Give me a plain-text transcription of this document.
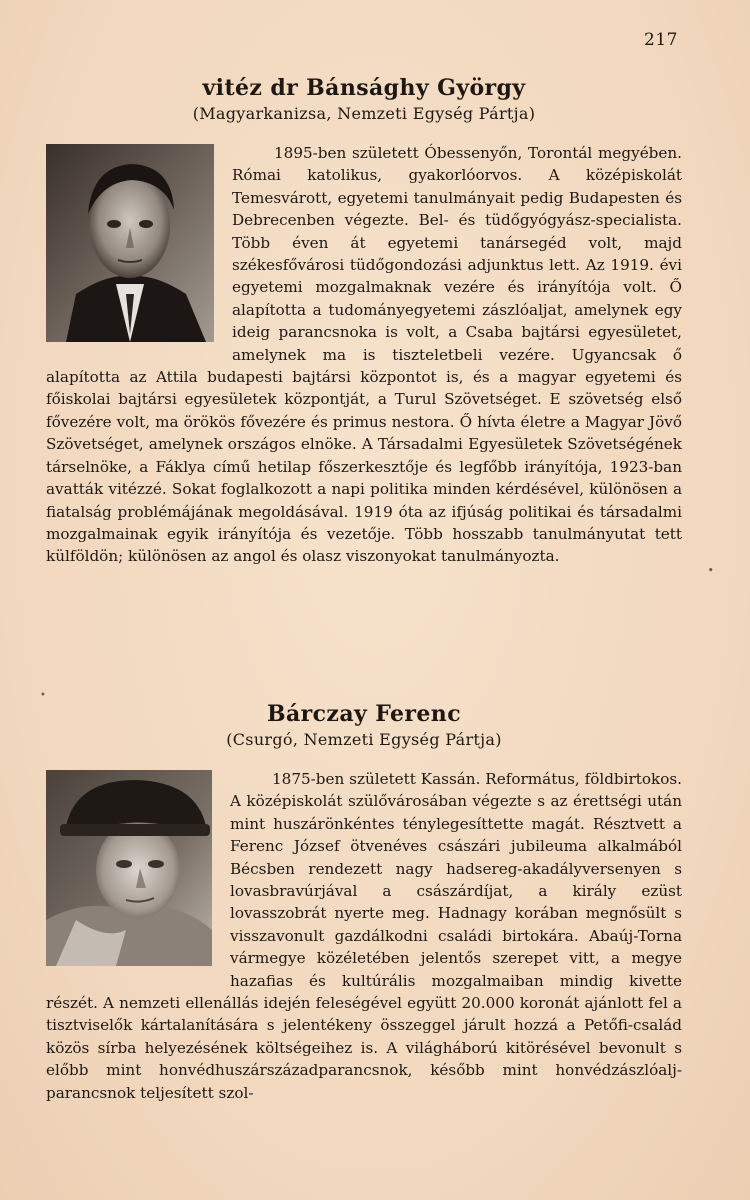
217
vitéz dr Bánsághy György

(Magyarkanizsa, Nemzeti Egység Pártja)

1895-ben született Óbessenyőn, Torontál megyében. Római katolikus, gyakorlóorvos. A középiskolát Temesvárott, egyetemi tanulmányait pedig Budapesten és Debrecenben végezte. Bel- és tüdőgyógyász-specialista. Több éven át egyetemi tanársegéd volt, majd székesfővárosi tüdőgondozási adjunktus lett. Az 1919. évi egyetemi mozgalmaknak vezére és irányítója volt. Ő alapította a tudományegyetemi zászlóaljat, amelynek egy ideig parancsnoka is volt, a Csaba bajtársi egyesületet, amelynek ma is tiszteletbeli vezére. Ugyancsak ő alapította az Attila budapesti bajtársi központot is, és a magyar egyetemi és főiskolai bajtársi egyesületek központját, a Turul Szövetséget. E szövetség első fővezére volt, ma örökös fővezére és primus nestora. Ő hívta életre a Magyar Jövő Szövetséget, amelynek országos elnöke. A Társadalmi Egyesületek Szövetségének társelnöke, a Fáklya című hetilap főszerkesztője és legfőbb irányítója, 1923-ban avatták vitézzé. Sokat foglalkozott a napi politika minden kérdésével, különösen a fiatalság problémájának megoldásával. 1919 óta az ifjúság politikai és társadalmi mozgalmainak egyik irányítója és vezetője. Több hosszabb tanulmányutat tett külföldön; különösen az angol és olasz viszonyokat tanulmányozta.

•
•
Bárczay Ferenc

(Csurgó, Nemzeti Egység Pártja)

1875-ben született Kassán. Református, földbirtokos. A középiskolát szülővárosában végezte s az érettségi után mint huszárönkéntes ténylegesíttette magát. Résztvett a Ferenc József ötvenéves császári jubileuma alkalmából Bécsben rendezett nagy hadsereg-akadályversenyen s lovasbravúrjával a császárdíjat, a király ezüst lovasszobrát nyerte meg. Hadnagy korában megnősült s visszavonult gazdálkodni családi birtokára. Abaúj-Torna vármegye közéletében jelentős szerepet vitt, a megye hazafias és kultúrális mozgalmaiban mindig kivette részét. A nemzeti ellenállás idején feleségével együtt 20.000 koronát ajánlott fel a tisztviselők kártalanítására s jelentékeny összeggel járult hozzá a Petőfi-család közös sírba helyezésének költségeihez is. A világháború kitörésével bevonult s előbb mint honvédhuszárszázadparancsnok, később mint honvédzászlóalj-parancsnok teljesített szol-
